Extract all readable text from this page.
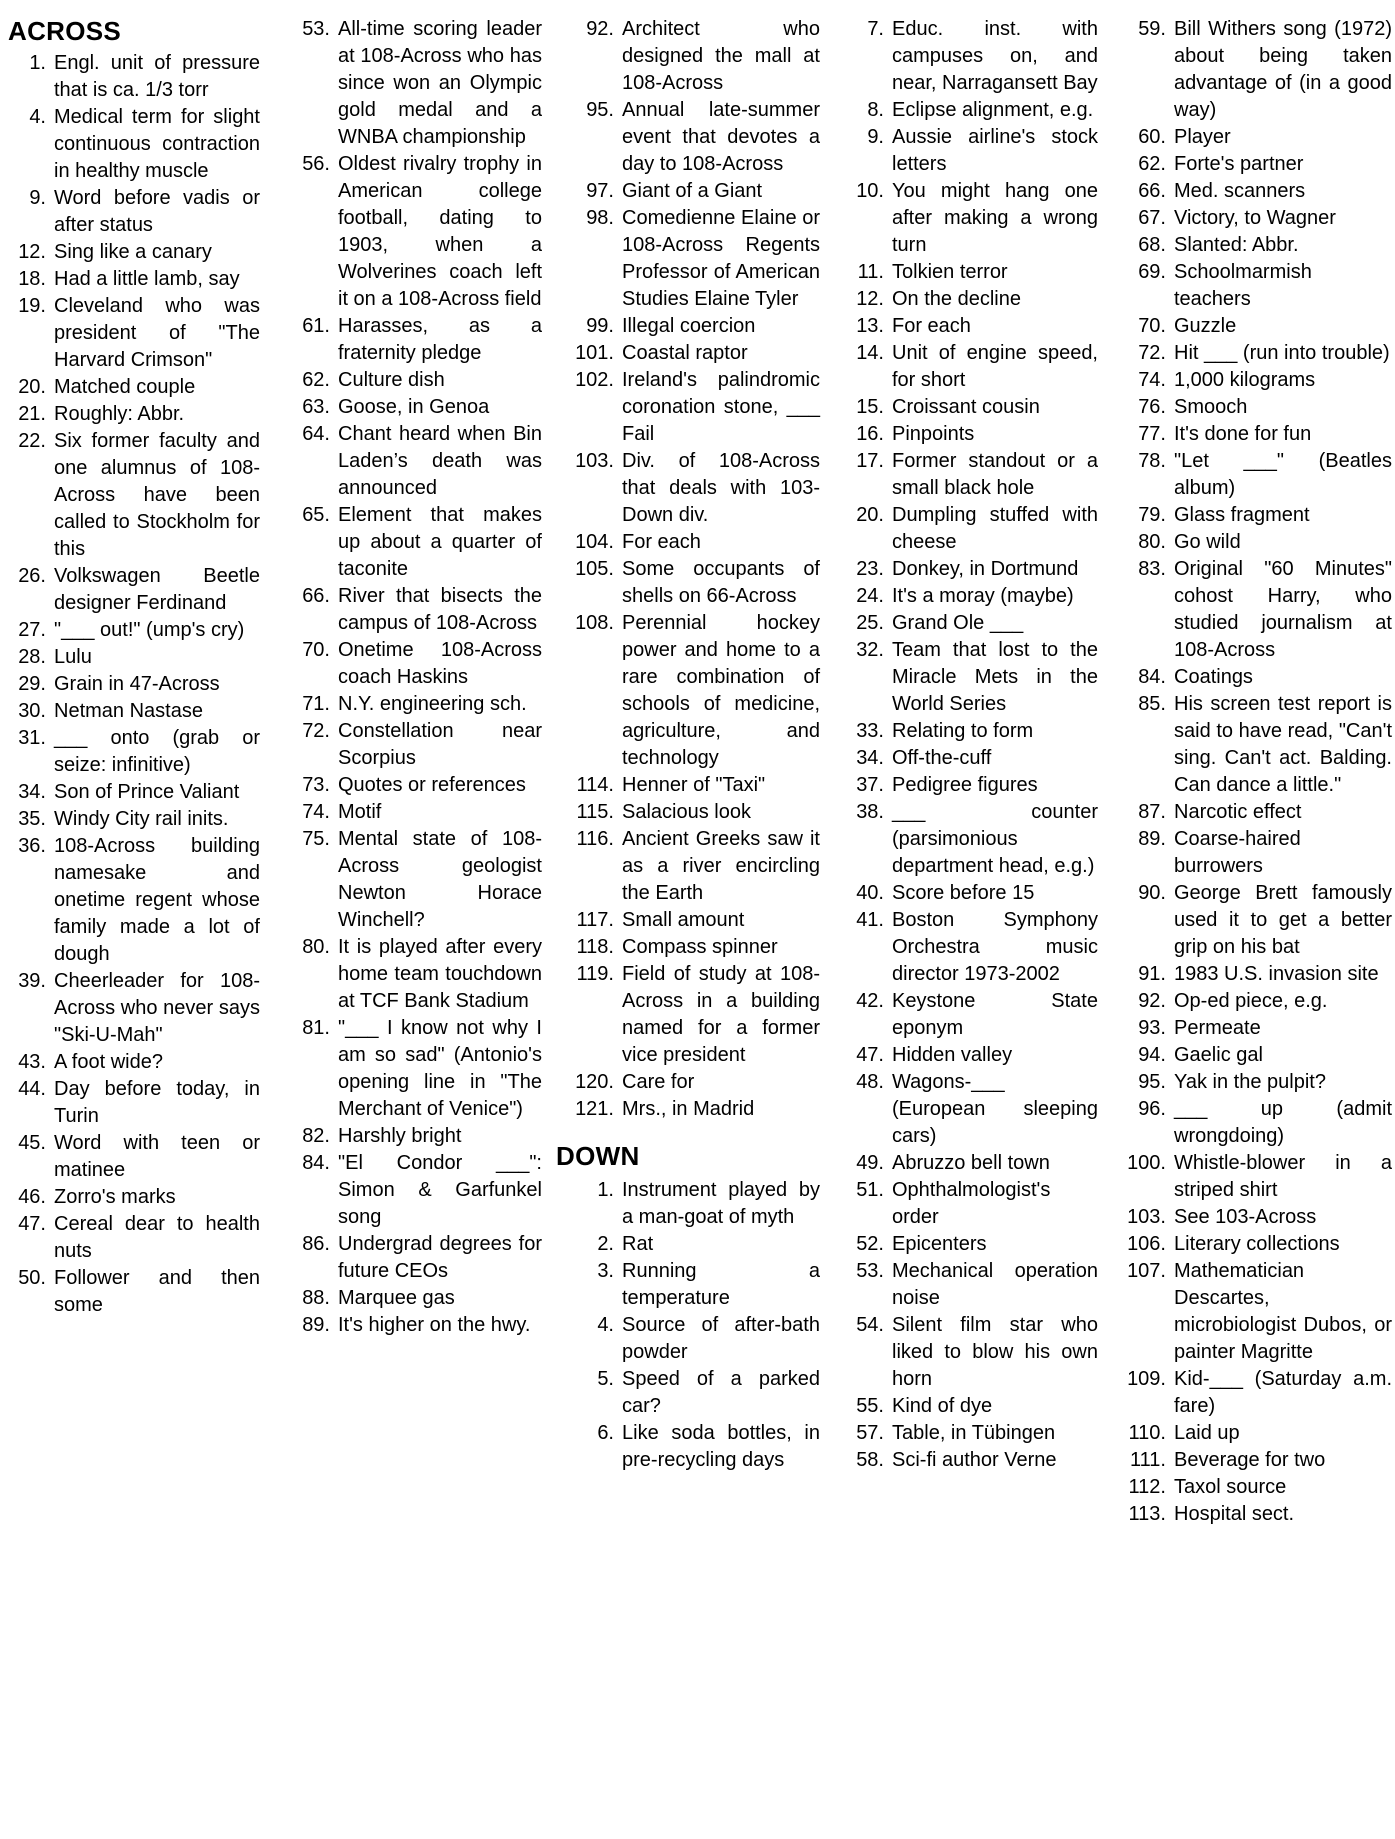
ACROSS
1. Engl. unit of pressure that is ca. 1/3 torr
4. Medical term for slight continuous contraction in healthy muscle
9. Word before vadis or after status
12. Sing like a canary
18. Had a little lamb, say
19. Cleveland who was president of "The Harvard Crimson"
20. Matched couple
21. Roughly: Abbr.
22. Six former faculty and one alumnus of 108-Across have been called to Stockholm for this
26. Volkswagen Beetle designer Ferdinand
27. "___ out!" (ump's cry)
28. Lulu
29. Grain in 47-Across
30. Netman Nastase
31. ___ onto (grab or seize: infinitive)
34. Son of Prince Valiant
35. Windy City rail inits.
36. 108-Across building namesake and onetime regent whose family made a lot of dough
39. Cheerleader for 108-Across who never says "Ski-U-Mah"
43. A foot wide?
44. Day before today, in Turin
45. Word with teen or matinee
46. Zorro's marks
47. Cereal dear to health nuts
50. Follower and then some
53. All-time scoring leader at 108-Across who has since won an Olympic gold medal and a WNBA championship
56. Oldest rivalry trophy in American college football, dating to 1903, when a Wolverines coach left it on a 108-Across field
61. Harasses, as a fraternity pledge
62. Culture dish
63. Goose, in Genoa
64. Chant heard when Bin Laden’s death was announced
65. Element that makes up about a quarter of taconite
66. River that bisects the campus of 108-Across
70. Onetime 108-Across coach Haskins
71. N.Y. engineering sch.
72. Constellation near Scorpius
73. Quotes or references
74. Motif
75. Mental state of 108-Across geologist Newton Horace Winchell?
80. It is played after every home team touchdown at TCF Bank Stadium
81. "___ I know not why I am so sad" (Antonio's opening line in "The Merchant of Venice")
82. Harshly bright
84. "El Condor ___": Simon & Garfunkel song
86. Undergrad degrees for future CEOs
88. Marquee gas
89. It's higher on the hwy.
92. Architect who designed the mall at 108-Across
95. Annual late-summer event that devotes a day to 108-Across
97. Giant of a Giant
98. Comedienne Elaine or 108-Across Regents Professor of American Studies Elaine Tyler
99. Illegal coercion
101. Coastal raptor
102. Ireland's palindromic coronation stone, ___ Fail
103. Div. of 108-Across that deals with 103-Down div.
104. For each
105. Some occupants of shells on 66-Across
108. Perennial hockey power and home to a rare combination of schools of medicine, agriculture, and technology
114. Henner of "Taxi"
115. Salacious look
116. Ancient Greeks saw it as a river encircling the Earth
117. Small amount
118. Compass spinner
119. Field of study at 108-Across in a building named for a former vice president
120. Care for
121. Mrs., in Madrid
DOWN
1. Instrument played by a man-goat of myth
2. Rat
3. Running a temperature
4. Source of after-bath powder
5. Speed of a parked car?
6. Like soda bottles, in pre-recycling days
7. Educ. inst. with campuses on, and near, Narragansett Bay
8. Eclipse alignment, e.g.
9. Aussie airline's stock letters
10. You might hang one after making a wrong turn
11. Tolkien terror
12. On the decline
13. For each
14. Unit of engine speed, for short
15. Croissant cousin
16. Pinpoints
17. Former standout or a small black hole
20. Dumpling stuffed with cheese
23. Donkey, in Dortmund
24. It's a moray (maybe)
25. Grand Ole ___
32. Team that lost to the Miracle Mets in the World Series
33. Relating to form
34. Off-the-cuff
37. Pedigree figures
38. ___ counter (parsimonious department head, e.g.)
40. Score before 15
41. Boston Symphony Orchestra music director 1973-2002
42. Keystone State eponym
47. Hidden valley
48. Wagons-___ (European sleeping cars)
49. Abruzzo bell town
51. Ophthalmologist's order
52. Epicenters
53. Mechanical operation noise
54. Silent film star who liked to blow his own horn
55. Kind of dye
57. Table, in Tübingen
58. Sci-fi author Verne
59. Bill Withers song (1972) about being taken advantage of (in a good way)
60. Player
62. Forte's partner
66. Med. scanners
67. Victory, to Wagner
68. Slanted: Abbr.
69. Schoolmarmish teachers
70. Guzzle
72. Hit ___ (run into trouble)
74. 1,000 kilograms
76. Smooch
77. It's done for fun
78. "Let ___" (Beatles album)
79. Glass fragment
80. Go wild
83. Original "60 Minutes" cohost Harry, who studied journalism at 108-Across
84. Coatings
85. His screen test report is said to have read, "Can't sing. Can't act. Balding. Can dance a little."
87. Narcotic effect
89. Coarse-haired burrowers
90. George Brett famously used it to get a better grip on his bat
91. 1983 U.S. invasion site
92. Op-ed piece, e.g.
93. Permeate
94. Gaelic gal
95. Yak in the pulpit?
96. ___ up (admit wrongdoing)
100. Whistle-blower in a striped shirt
103. See 103-Across
106. Literary collections
107. Mathematician Descartes, microbiologist Dubos, or painter Magritte
109. Kid-___ (Saturday a.m. fare)
110. Laid up
111. Beverage for two
112. Taxol source
113. Hospital sect.
